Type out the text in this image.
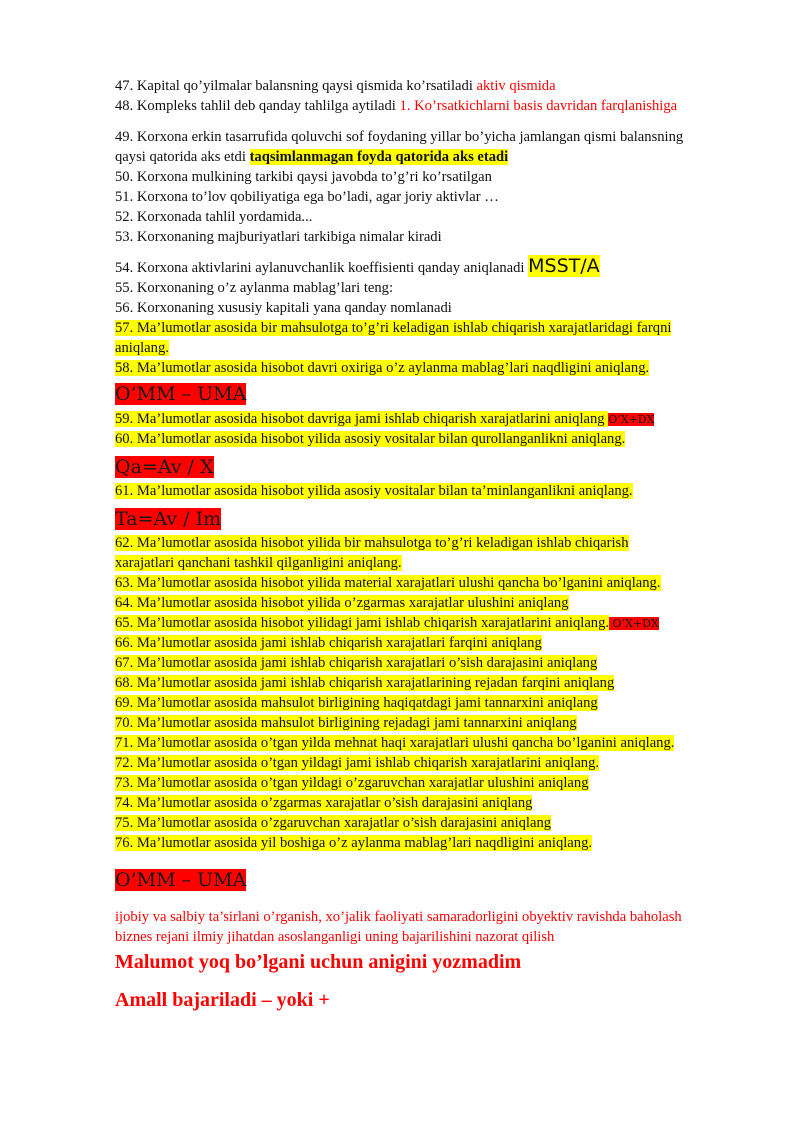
47. Kapital qo’yilmalar balansning qaysi qismida ko’rsatiladi aktiv qismida
48. Kompleks tahlil deb qanday tahlilga aytiladi 1. Ko’rsatkichlarni basis davridan farqlanishiga
49. Korxona erkin tasarrufida qoluvchi sof foydaning yillar bo’yicha jamlangan qismi balansning
qaysi qatorida aks etdi taqsimlanmagan foyda qatorida aks etadi
50. Korxona mulkining tarkibi qaysi javobda to’g’ri ko’rsatilgan
51. Korxona to’lov qobiliyatiga ega bo’ladi, agar joriy aktivlar …
52. Korxonada tahlil yordamida...
53. Korxonaning majburiyatlari tarkibiga nimalar kiradi
54. Korxona aktivlarini aylanuvchanlik koeffisienti qanday aniqlanadi MSST/A
55. Korxonaning o’z aylanma mablag’lari teng:
56. Korxonaning xususiy kapitali yana qanday nomlanadi
57. Ma’lumotlar asosida bir mahsulotga to’g’ri keladigan ishlab chiqarish xarajatlaridagi farqni
aniqlang.
58. Ma’lumotlar asosida hisobot davri oxiriga o’z aylanma mablag’lari naqdligini aniqlang.
O’MM – UMA
59. Ma’lumotlar asosida hisobot davriga jami ishlab chiqarish xarajatlarini aniqlang O’X+DX
60. Ma’lumotlar asosida hisobot yilida asosiy vositalar bilan qurollanganlikni aniqlang.
Qa=Av / X
61. Ma’lumotlar asosida hisobot yilida asosiy vositalar bilan ta’minlanganlikni aniqlang.
Ta=Av / Im
62. Ma’lumotlar asosida hisobot yilida bir mahsulotga to’g’ri keladigan ishlab chiqarish
xarajatlari qanchani tashkil qilganligini aniqlang.
63. Ma’lumotlar asosida hisobot yilida material xarajatlari ulushi qancha bo’lganini aniqlang.
64. Ma’lumotlar asosida hisobot yilida o’zgarmas xarajatlar ulushini aniqlang
65. Ma’lumotlar asosida hisobot yilidagi jami ishlab chiqarish xarajatlarini aniqlang. O’X+DX
66. Ma’lumotlar asosida jami ishlab chiqarish xarajatlari farqini aniqlang
67. Ma’lumotlar asosida jami ishlab chiqarish xarajatlari o’sish darajasini aniqlang
68. Ma’lumotlar asosida jami ishlab chiqarish xarajatlarining rejadan farqini aniqlang
69. Ma’lumotlar asosida mahsulot birligining haqiqatdagi jami tannarxini aniqlang
70. Ma’lumotlar asosida mahsulot birligining rejadagi jami tannarxini aniqlang
71. Ma’lumotlar asosida o’tgan yilda mehnat haqi xarajatlari ulushi qancha bo’lganini aniqlang.
72. Ma’lumotlar asosida o’tgan yildagi jami ishlab chiqarish xarajatlarini aniqlang.
73. Ma’lumotlar asosida o’tgan yildagi o’zgaruvchan xarajatlar ulushini aniqlang
74. Ma’lumotlar asosida o’zgarmas xarajatlar o’sish darajasini aniqlang
75. Ma’lumotlar asosida o’zgaruvchan xarajatlar o’sish darajasini aniqlang
76. Ma’lumotlar asosida yil boshiga o’z aylanma mablag’lari naqdligini aniqlang.
O’MM – UMA
ijobiy va salbiy ta’sirlani o’rganish, xo’jalik faoliyati samaradorligini obyektiv ravishda baholash
biznes rejani ilmiy jihatdan asoslanganligi uning bajarilishini nazorat qilish
Malumot yoq bo’lgani uchun anigini yozmadim
Amall bajariladi – yoki +
